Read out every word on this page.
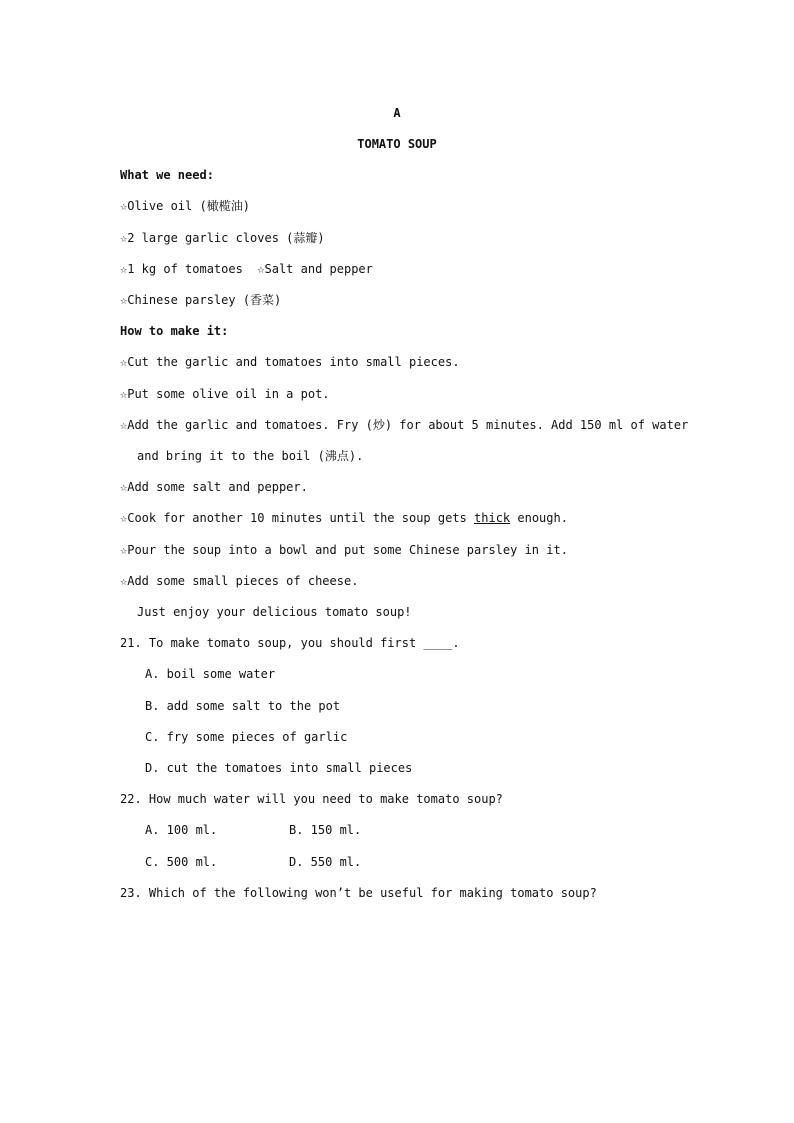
A
TOMATO SOUP
What we need:
☆Olive oil (橄榄油)
☆2 large garlic cloves (蒜瓣)
☆1 kg of tomatoes  ☆Salt and pepper
☆Chinese parsley (香菜)
How to make it:
☆Cut the garlic and tomatoes into small pieces.
☆Put some olive oil in a pot.
☆Add the garlic and tomatoes. Fry (炒) for about 5 minutes. Add 150 ml of water
and bring it to the boil (沸点).
☆Add some salt and pepper.
☆Cook for another 10 minutes until the soup gets thick enough.
☆Pour the soup into a bowl and put some Chinese parsley in it.
☆Add some small pieces of cheese.
Just enjoy your delicious tomato soup!
21. To make tomato soup, you should first ____.
A. boil some water
B. add some salt to the pot
C. fry some pieces of garlic
D. cut the tomatoes into small pieces
22. How much water will you need to make tomato soup?
A. 100 ml.	B. 150 ml.
C. 500 ml.	D. 550 ml.
23. Which of the following won’t be useful for making tomato soup?
